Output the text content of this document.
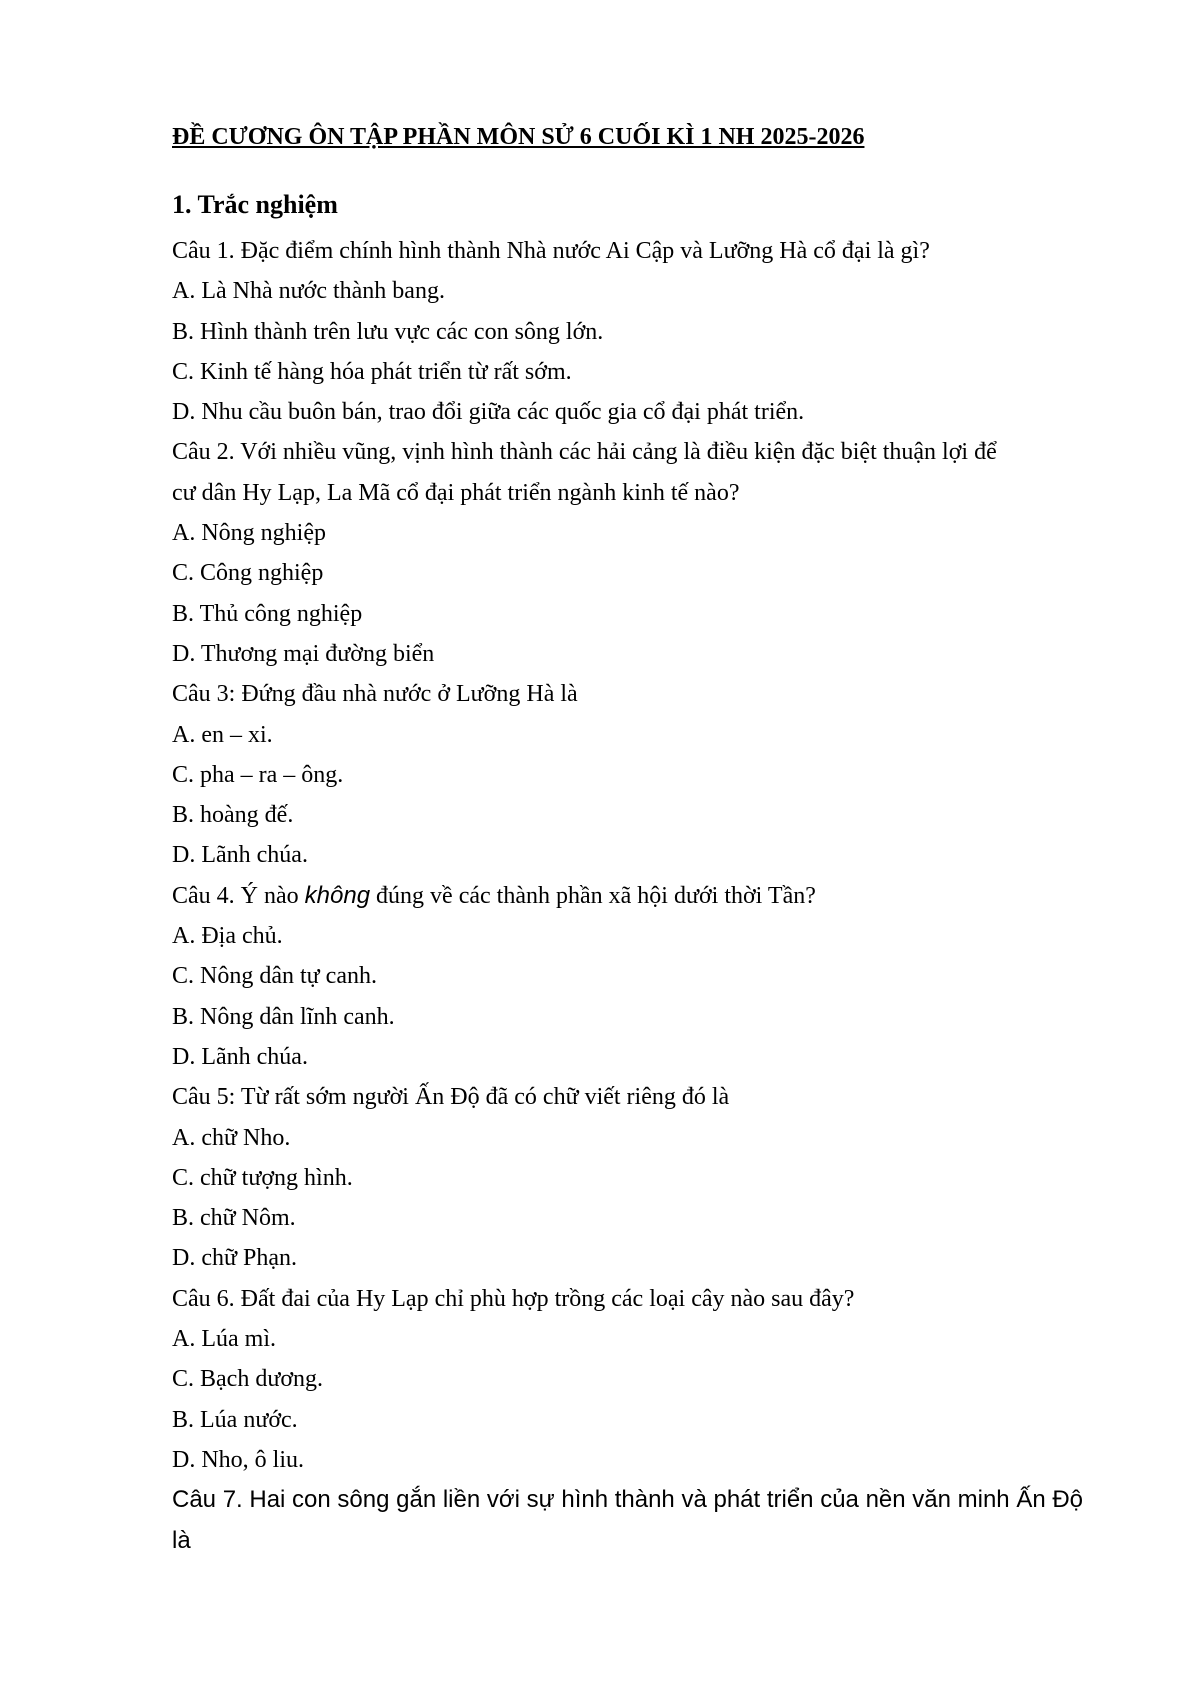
ĐỀ CƯƠNG ÔN TẬP PHẦN MÔN SỬ 6 CUỐI KÌ 1 NH 2025-2026
1. Trắc nghiệm
Câu 1. Đặc điểm chính hình thành Nhà nước Ai Cập và Lưỡng Hà cổ đại là gì?
A. Là Nhà nước thành bang.
B. Hình thành trên lưu vực các con sông lớn.
C. Kinh tế hàng hóa phát triển từ rất sớm.
D. Nhu cầu buôn bán, trao đổi giữa các quốc gia cổ đại phát triển.
Câu 2. Với nhiều vũng, vịnh hình thành các hải cảng là điều kiện đặc biệt thuận lợi để
cư dân Hy Lạp, La Mã cổ đại phát triển ngành kinh tế nào?
A. Nông nghiệp
C. Công nghiệp
B. Thủ công nghiệp
D. Thương mại đường biển
Câu 3: Đứng đầu nhà nước ở Lưỡng Hà là
A. en – xi.
C. pha – ra – ông.
B. hoàng đế.
D. Lãnh chúa.
Câu 4. Ý nào không đúng về các thành phần xã hội dưới thời Tần?
A. Địa chủ.
C. Nông dân tự canh.
B. Nông dân lĩnh canh.
D. Lãnh chúa.
Câu 5: Từ rất sớm người Ấn Độ đã có chữ viết riêng đó là
A. chữ Nho.
C. chữ tượng hình.
B. chữ Nôm.
D. chữ Phạn.
Câu 6. Đất đai của Hy Lạp chỉ phù hợp trồng các loại cây nào sau đây?
A. Lúa mì.
C. Bạch dương.
B. Lúa nước.
D. Nho, ô liu.
Câu 7. Hai con sông gắn liền với sự hình thành và phát triển của nền văn minh Ấn Độ
là
